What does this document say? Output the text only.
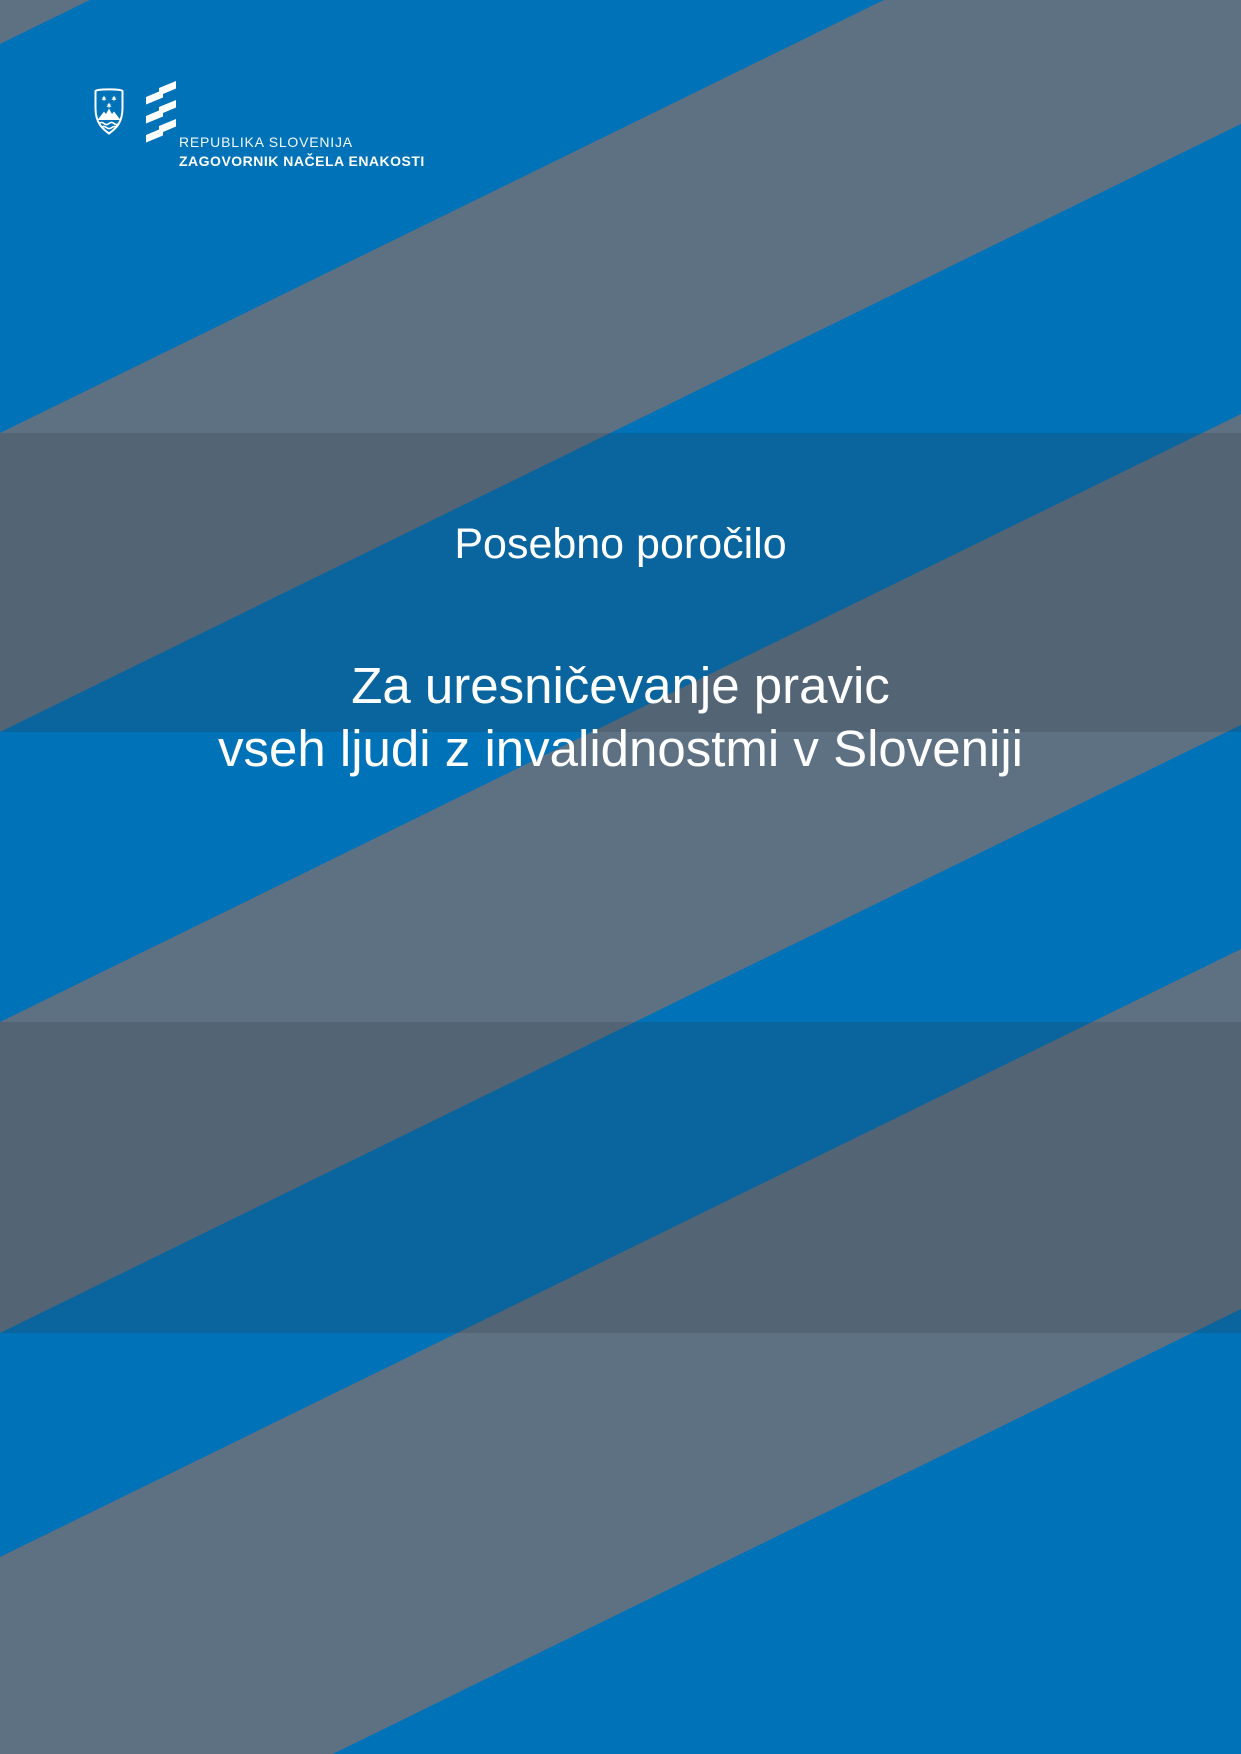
REPUBLIKA SLOVENIJA
ZAGOVORNIK NAČELA ENAKOSTI
Posebno poročilo
Za uresničevanje pravic
vseh ljudi z invalidnostmi v Sloveniji
